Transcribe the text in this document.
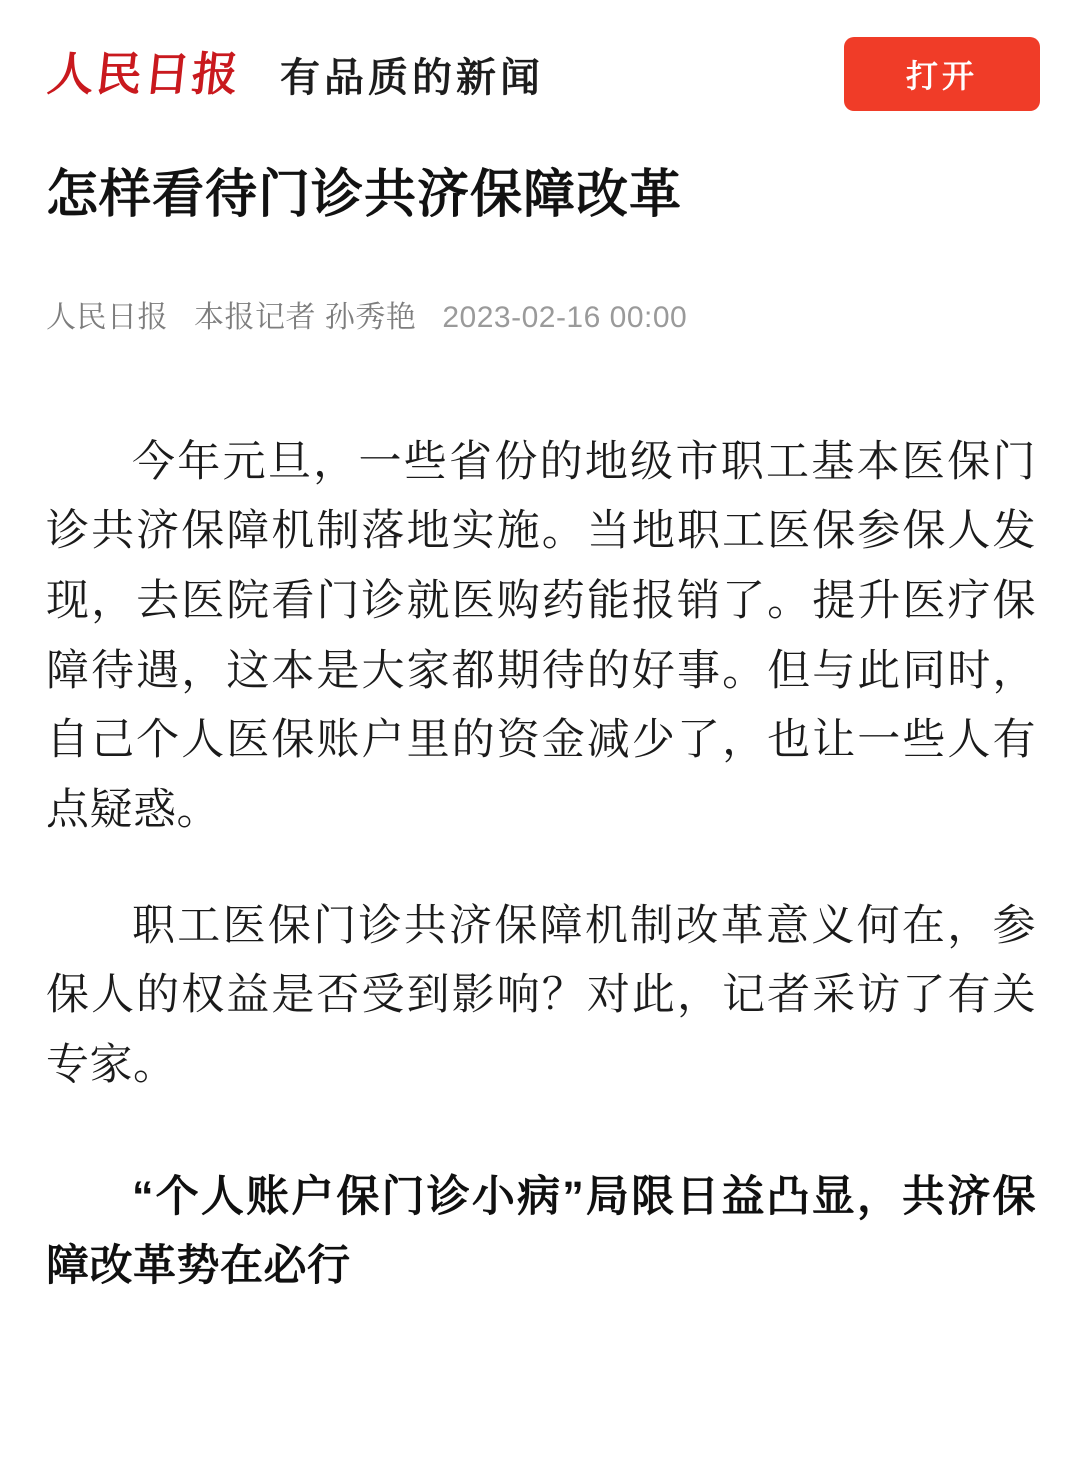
人民日报 有品质的新闻	打开
怎样看待门诊共济保障改革
人民日报 本报记者 孙秀艳 2023-02-16 00:00

今年元旦，一些省份的地级市职工基本医保门诊共济保障机制落地实施。当地职工医保参保人发现，去医院看门诊就医购药能报销了。提升医疗保障待遇，这本是大家都期待的好事。但与此同时，自己个人医保账户里的资金减少了，也让一些人有点疑惑。

职工医保门诊共济保障机制改革意义何在，参保人的权益是否受到影响？对此，记者采访了有关专家。

“个人账户保门诊小病”局限日益凸显，共济保障改革势在必行
